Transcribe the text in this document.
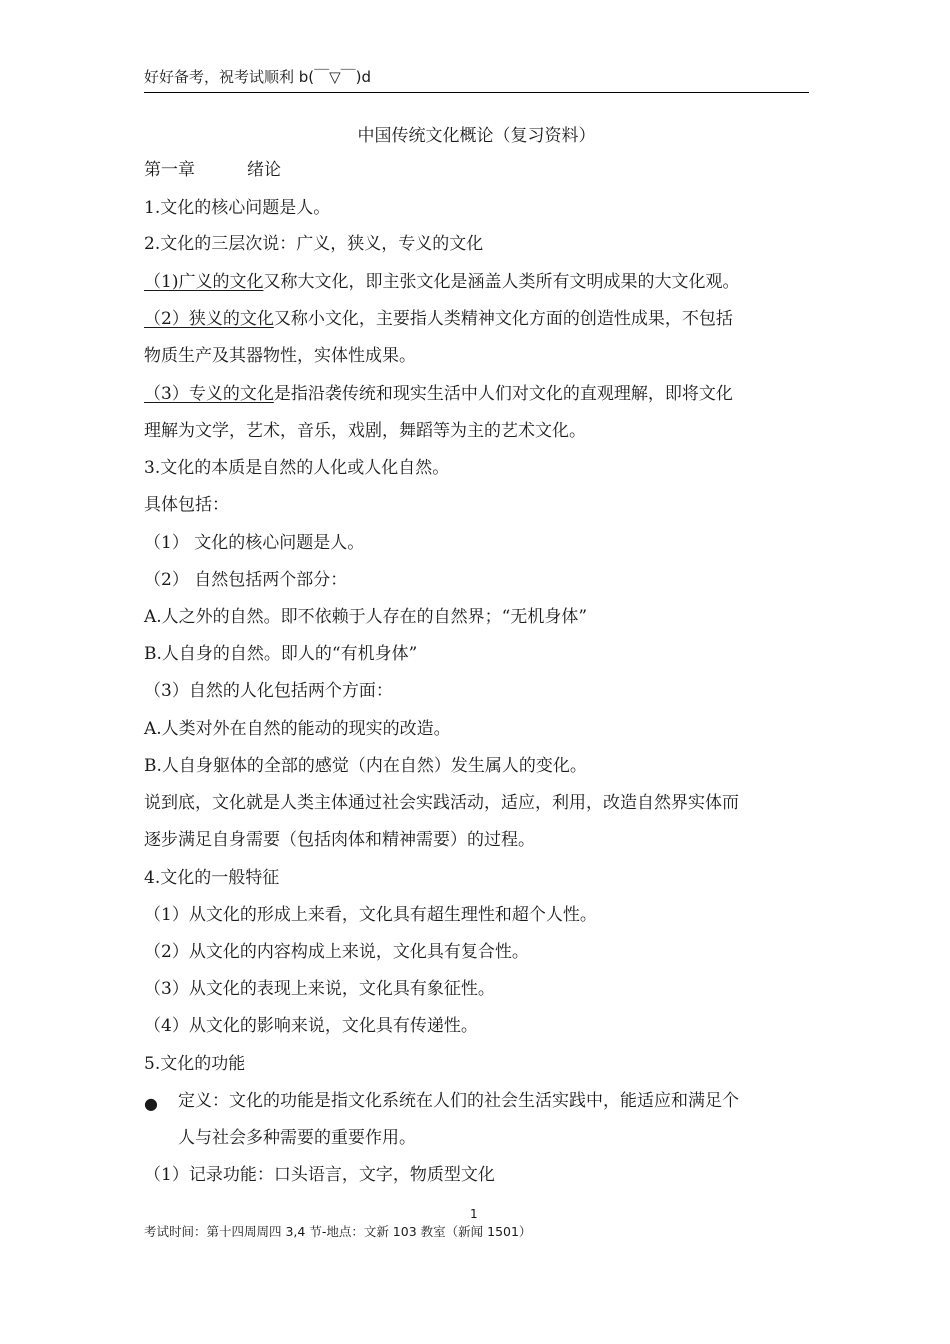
好好备考，祝考试顺利 b(￣▽￣)d
中国传统文化概论（复习资料）
第一章	绪论
1.文化的核心问题是人。
2.文化的三层次说：广义，狭义，专义的文化
（1)广义的文化又称大文化，即主张文化是涵盖人类所有文明成果的大文化观。
（2）狭义的文化又称小文化，主要指人类精神文化方面的创造性成果，不包括
物质生产及其器物性，实体性成果。
（3）专义的文化是指沿袭传统和现实生活中人们对文化的直观理解，即将文化
理解为文学，艺术，音乐，戏剧，舞蹈等为主的艺术文化。
3.文化的本质是自然的人化或人化自然。
具体包括：
（1） 文化的核心问题是人。
（2） 自然包括两个部分：
A.人之外的自然。即不依赖于人存在的自然界；“无机身体”
B.人自身的自然。即人的“有机身体”
（3）自然的人化包括两个方面：
A.人类对外在自然的能动的现实的改造。
B.人自身躯体的全部的感觉（内在自然）发生属人的变化。
说到底，文化就是人类主体通过社会实践活动，适应，利用，改造自然界实体而
逐步满足自身需要（包括肉体和精神需要）的过程。
4.文化的一般特征
（1）从文化的形成上来看，文化具有超生理性和超个人性。
（2）从文化的内容构成上来说，文化具有复合性。
（3）从文化的表现上来说，文化具有象征性。
（4）从文化的影响来说，文化具有传递性。
5.文化的功能
● 定义：文化的功能是指文化系统在人们的社会生活实践中，能适应和满足个
人与社会多种需要的重要作用。
（1）记录功能：口头语言，文字，物质型文化
1
考试时间：第十四周周四 3,4 节-地点：文新 103 教室（新闻 1501）
